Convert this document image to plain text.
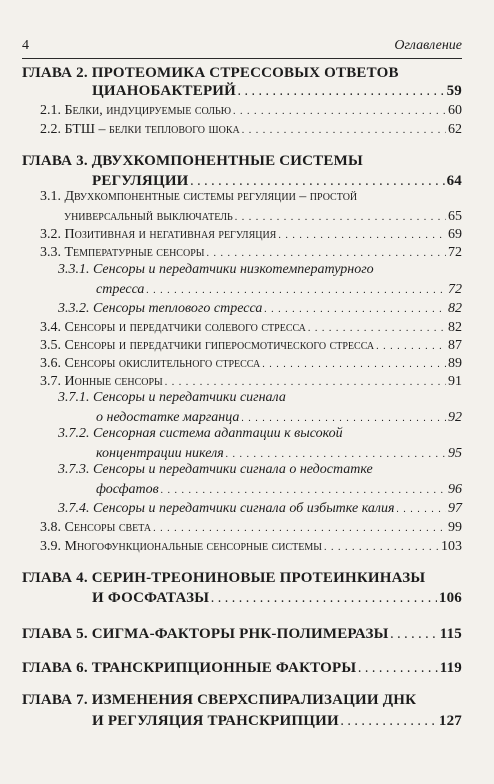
4	Оглавление
ГЛАВА 2. ПРОТЕОМИКА СТРЕССОВЫХ ОТВЕТОВ
ЦИАНОБАКТЕРИЙ . . .	59
2.1. Белки, индуцируемые солью . . .	60
2.2. БТШ – белки теплового шока . . .	62
ГЛАВА 3. ДВУХКОМПОНЕНТНЫЕ СИСТЕМЫ
РЕГУЛЯЦИИ . . .	64
3.1. Двухкомпонентные системы регуляции – простой
универсальный выключатель . . .	65
3.2. Позитивная и негативная регуляция . . .	69
3.3. Температурные сенсоры . . .	72
3.3.1. Сенсоры и передатчики низкотемпературного
стресса . . .	72
3.3.2. Сенсоры теплового стресса . . .	82
3.4. Сенсоры и передатчики солевого стресса . . .	82
3.5. Сенсоры и передатчики гиперосмотического стресса . . .	87
3.6. Сенсоры окислительного стресса . . .	89
3.7. Ионные сенсоры . . .	91
3.7.1. Сенсоры и передатчики сигнала
о недостатке марганца . . .	92
3.7.2. Сенсорная система адаптации к высокой
концентрации никеля . . .	95
3.7.3. Сенсоры и передатчики сигнала о недостатке
фосфатов . . .	96
3.7.4. Сенсоры и передатчики сигнала об избытке калия . . .	97
3.8. Сенсоры света . . .	99
3.9. Многофункциональные сенсорные системы . . .	103
ГЛАВА 4. СЕРИН-ТРЕОНИНОВЫЕ ПРОТЕИНКИНАЗЫ
И ФОСФАТАЗЫ . . .	106
ГЛАВА 5. СИГМА-ФАКТОРЫ РНК-ПОЛИМЕРАЗЫ . . .	115
ГЛАВА 6. ТРАНСКРИПЦИОННЫЕ ФАКТОРЫ . . .	119
ГЛАВА 7. ИЗМЕНЕНИЯ СВЕРХСПИРАЛИЗАЦИИ ДНК
И РЕГУЛЯЦИЯ ТРАНСКРИПЦИИ . . .	127
